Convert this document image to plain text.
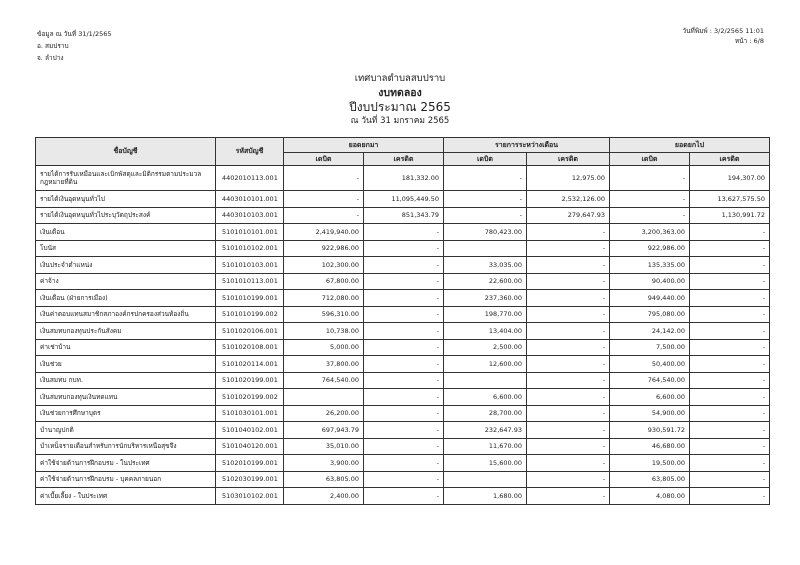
ข้อมูล ณ วันที่ 31/1/2565
อ. สมปราบ
จ. ลำปาง
วันที่พิมพ์ : 3/2/2565 11:01
หน้า : 6/8
เทศบาลตำบลสบปราบ
งบทดลอง
ปีงบประมาณ 2565
ณ วันที่ 31 มกราคม 2565
ชื่อบัญชี	รหัสบัญชี	ยอดยกมา		รายการระหว่างเดือน		ยอดยกไป	
		เดบิต	เครดิต	เดบิต	เครดิต	เดบิต	เครดิต
รายได้การรับเหมือนและเบิกพัสดุและมิติกรรมตามประมวลกฎหมายที่ดิน	4402010113.001	-	181,332.00	-	12,975.00	-	194,307.00
รายได้เงินอุดหนุนทั่วไป	4403010101.001	-	11,095,449.50	-	2,532,126.00	-	13,627,575.50
รายได้เงินอุดหนุนทั่วไประบุวัตถุประสงค์	4403010103.001	-	851,343.79	-	279,647.93	-	1,130,991.72
เงินเดือน	5101010101.001	2,419,940.00	-	780,423.00	-	3,200,363.00	-
โบนัส	5101010102.001	922,986.00	-		-	922,986.00	-
เงินประจำตำแหน่ง	5101010103.001	102,300.00	-	33,035.00	-	135,335.00	-
ค่าจ้าง	5101010113.001	67,800.00	-	22,600.00	-	90,400.00	-
เงินเดือน (ฝ่ายการเมือง)	5101010199.001	712,080.00	-	237,360.00	-	949,440.00	-
เงินค่าตอบแทนสมาชิกสภาองค์กรปกครองส่วนท้องถิ่น	5101010199.002	596,310.00	-	198,770.00	-	795,080.00	-
เงินสมทบกองทุนประกันสังคม	5101020106.001	10,738.00	-	13,404.00	-	24,142.00	-
ค่าเช่าบ้าน	5101020108.001	5,000.00	-	2,500.00	-	7,500.00	-
เงินช่วย	5101020114.001	37,800.00	-	12,600.00	-	50,400.00	-
เงินสมทบ กบท.	5101020199.001	764,540.00	-		-	764,540.00	-
เงินสมทบกองทุนเงินทดแทน	5101020199.002		-	6,600.00	-	6,600.00	-
เงินช่วยการศึกษาบุตร	5101030101.001	26,200.00	-	28,700.00	-	54,900.00	-
บำนาญปกติ	5101040102.001	697,943.79	-	232,647.93	-	930,591.72	-
บำเหน็จรายเดือนสำหรับการนักบริหารเหนือสุขจึง	5101040120.001	35,010.00	-	11,670.00	-	46,680.00	-
ค่าใช้จ่ายด้านการฝึกอบรม - ในประเทศ	5102010199.001	3,900.00	-	15,600.00	-	19,500.00	-
ค่าใช้จ่ายด้านการฝึกอบรม - บุคคลภายนอก	5102030199.001	63,805.00	-		-	63,805.00	-
ค่าเบี้ยเลี้ยง - ในประเทศ	5103010102.001	2,400.00	-	1,680.00	-	4,080.00	-
